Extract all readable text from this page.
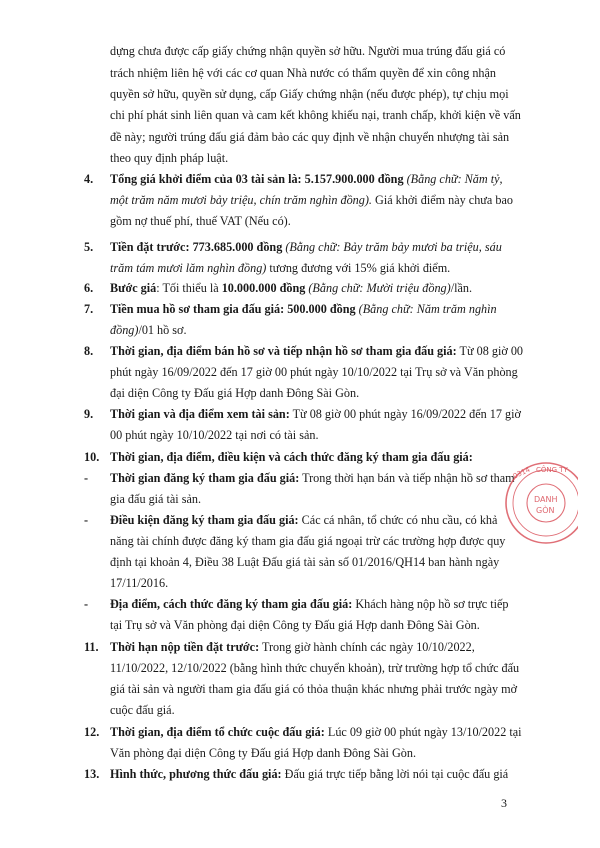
dựng chưa được cấp giấy chứng nhận quyền sở hữu. Người mua trúng đấu giá có
trách nhiệm liên hệ với các cơ quan Nhà nước có thẩm quyền để xin công nhận
quyền sở hữu, quyền sử dụng, cấp Giấy chứng nhận (nếu được phép), tự chịu mọi
chi phí phát sinh liên quan và cam kết không khiếu nại, tranh chấp, khởi kiện về vấn
đề này; người trúng đấu giá đảm bảo các quy định về nhận chuyển nhượng tài sản
theo quy định pháp luật.
4. Tổng giá khởi điểm của 03 tài sản là: 5.157.900.000 đồng (Bằng chữ: Năm tỷ,
một trăm năm mươi bảy triệu, chín trăm nghìn đồng). Giá khởi điểm này chưa bao
gồm nợ thuế phí, thuế VAT (Nếu có).
5. Tiền đặt trước: 773.685.000 đồng (Bằng chữ: Bảy trăm bảy mươi ba triệu, sáu
trăm tám mươi lăm nghìn đồng) tương đương với 15% giá khởi điểm.
6. Bước giá: Tối thiểu là 10.000.000 đồng (Bằng chữ: Mười triệu đồng)/lần.
7. Tiền mua hồ sơ tham gia đấu giá: 500.000 đồng (Bằng chữ: Năm trăm nghìn
đồng)/01 hồ sơ.
8. Thời gian, địa điểm bán hồ sơ và tiếp nhận hồ sơ tham gia đấu giá: Từ 08 giờ 00
phút ngày 16/09/2022 đến 17 giờ 00 phút ngày 10/10/2022 tại Trụ sở và Văn phòng
đại diện Công ty Đấu giá Hợp danh Đông Sài Gòn.
9. Thời gian và địa điểm xem tài sản: Từ 08 giờ 00 phút ngày 16/09/2022 đến 17 giờ
00 phút ngày 10/10/2022 tại nơi có tài sản.
10. Thời gian, địa điểm, điều kiện và cách thức đăng ký tham gia đấu giá:
- Thời gian đăng ký tham gia đấu giá: Trong thời hạn bán và tiếp nhận hồ sơ tham
gia đấu giá tài sản.
- Điều kiện đăng ký tham gia đấu giá: Các cá nhân, tổ chức có nhu cầu, có khả
năng tài chính được đăng ký tham gia đấu giá ngoại trừ các trường hợp được quy
định tại khoản 4, Điều 38 Luật Đấu giá tài sản số 01/2016/QH14 ban hành ngày
17/11/2016.
- Địa điểm, cách thức đăng ký tham gia đấu giá: Khách hàng nộp hồ sơ trực tiếp
tại Trụ sở và Văn phòng đại diện Công ty Đấu giá Hợp danh Đông Sài Gòn.
11. Thời hạn nộp tiền đặt trước: Trong giờ hành chính các ngày 10/10/2022,
11/10/2022, 12/10/2022 (bằng hình thức chuyển khoản), trừ trường hợp tổ chức đấu
giá tài sản và người tham gia đấu giá có thỏa thuận khác nhưng phải trước ngày mở
cuộc đấu giá.
12. Thời gian, địa điểm tổ chức cuộc đấu giá: Lúc 09 giờ 00 phút ngày 13/10/2022 tại
Văn phòng đại diện Công ty Đấu giá Hợp danh Đông Sài Gòn.
13. Hình thức, phương thức đấu giá: Đấu giá trực tiếp bằng lời nói tại cuộc đấu giá
0314 CÔNG TY
DANH
GÒN
3
